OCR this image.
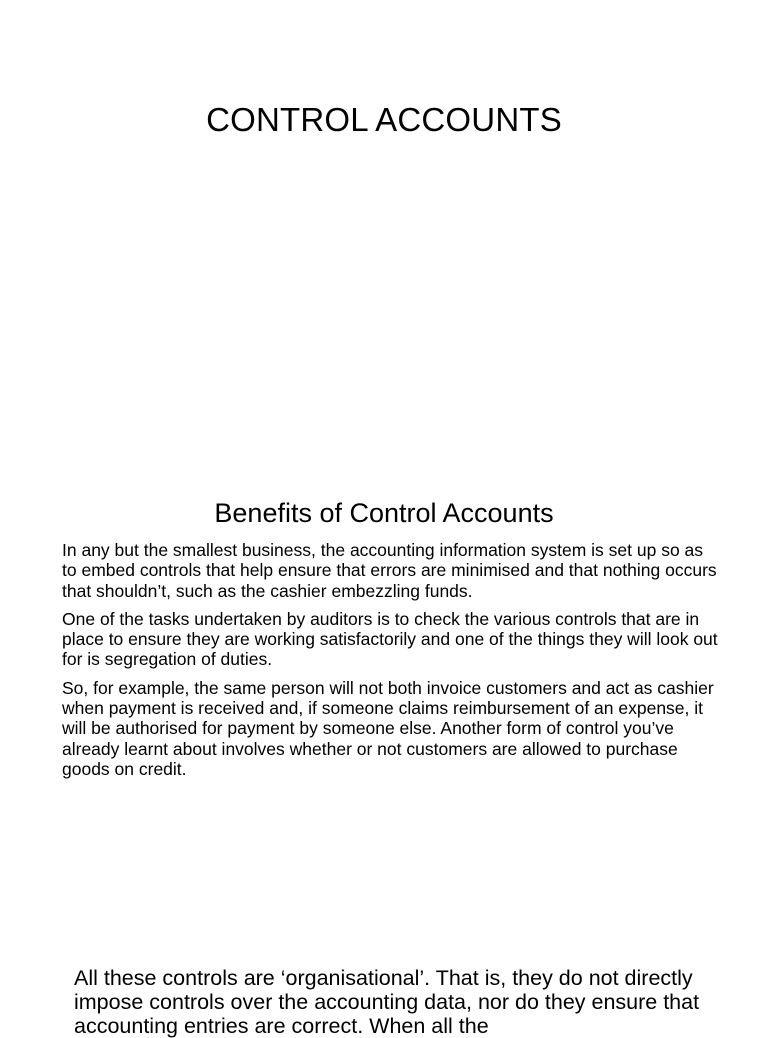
CONTROL ACCOUNTS
Benefits of Control Accounts

In any but the smallest business, the accounting information system is set up so as to embed controls that help ensure that errors are minimised and that nothing occurs that shouldn’t, such as the cashier embezzling funds.

One of the tasks undertaken by auditors is to check the various controls that are in place to ensure they are working satisfactorily and one of the things they will look out for is segregation of duties.

So, for example, the same person will not both invoice customers and act as cashier when payment is received and, if someone claims reimbursement of an expense, it will be authorised for payment by someone else. Another form of control you’ve already learnt about involves whether or not customers are allowed to purchase goods on credit.

All these controls are ‘organisational’. That is, they do not directly impose controls over the accounting data, nor do they ensure that accounting entries are correct. When all the
